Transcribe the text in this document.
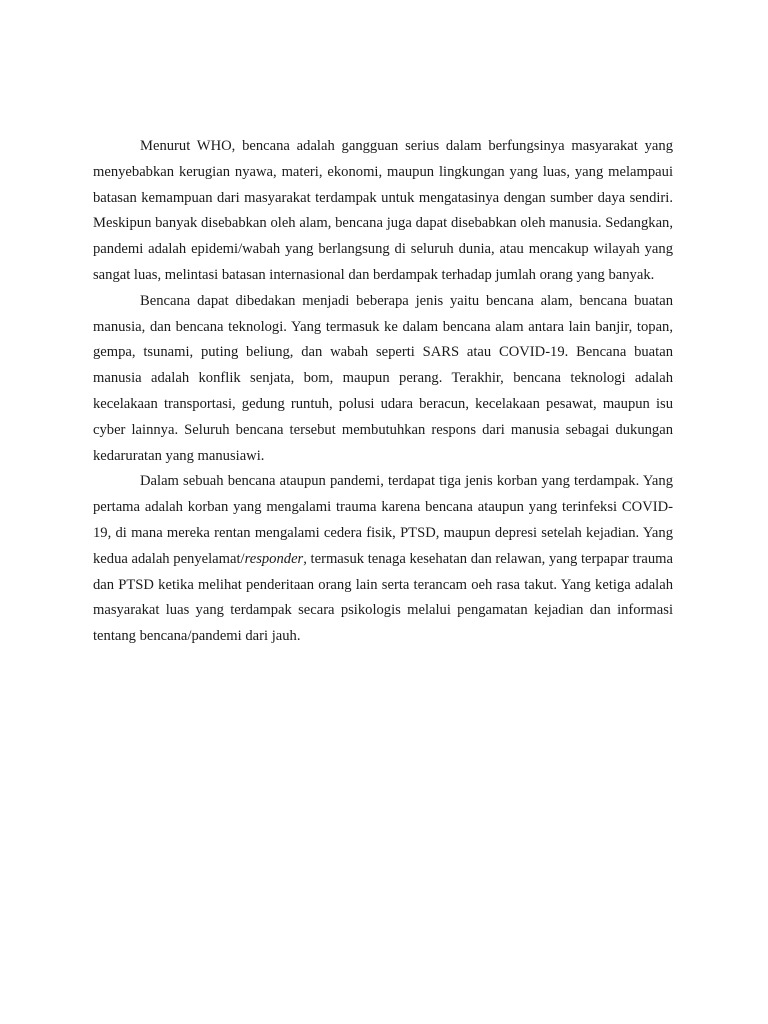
Menurut WHO, bencana adalah gangguan serius dalam berfungsinya masyarakat yang menyebabkan kerugian nyawa, materi, ekonomi, maupun lingkungan yang luas, yang melampaui batasan kemampuan dari masyarakat terdampak untuk mengatasinya dengan sumber daya sendiri. Meskipun banyak disebabkan oleh alam, bencana juga dapat disebabkan oleh manusia. Sedangkan, pandemi adalah epidemi/wabah yang berlangsung di seluruh dunia, atau mencakup wilayah yang sangat luas, melintasi batasan internasional dan berdampak terhadap jumlah orang yang banyak.

Bencana dapat dibedakan menjadi beberapa jenis yaitu bencana alam, bencana buatan manusia, dan bencana teknologi. Yang termasuk ke dalam bencana alam antara lain banjir, topan, gempa, tsunami, puting beliung, dan wabah seperti SARS atau COVID-19. Bencana buatan manusia adalah konflik senjata, bom, maupun perang. Terakhir, bencana teknologi adalah kecelakaan transportasi, gedung runtuh, polusi udara beracun, kecelakaan pesawat, maupun isu cyber lainnya. Seluruh bencana tersebut membutuhkan respons dari manusia sebagai dukungan kedaruratan yang manusiawi.

Dalam sebuah bencana ataupun pandemi, terdapat tiga jenis korban yang terdampak. Yang pertama adalah korban yang mengalami trauma karena bencana ataupun yang terinfeksi COVID-19, di mana mereka rentan mengalami cedera fisik, PTSD, maupun depresi setelah kejadian. Yang kedua adalah penyelamat/responder, termasuk tenaga kesehatan dan relawan, yang terpapar trauma dan PTSD ketika melihat penderitaan orang lain serta terancam oeh rasa takut. Yang ketiga adalah masyarakat luas yang terdampak secara psikologis melalui pengamatan kejadian dan informasi tentang bencana/pandemi dari jauh.
